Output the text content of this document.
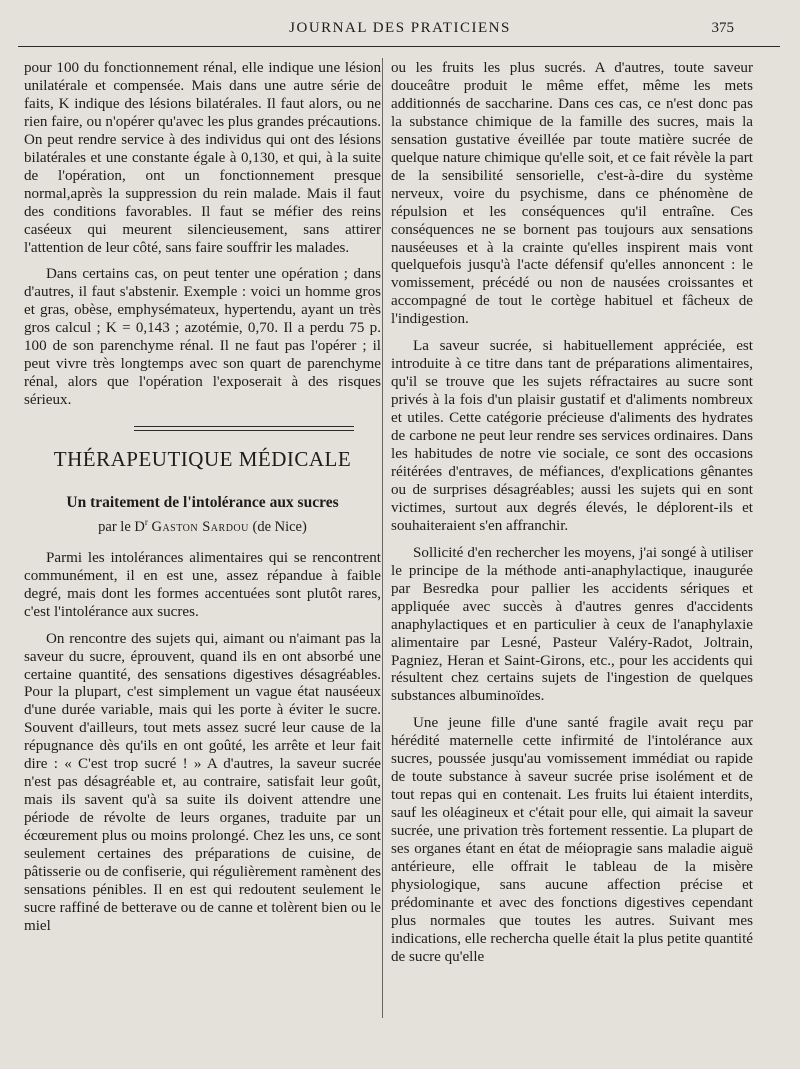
JOURNAL DES PRATICIENS	375

pour 100 du fonctionnement rénal, elle indique une lésion unilatérale et compensée. Mais dans une autre série de faits, K indique des lésions bilatérales. Il faut alors, ou ne rien faire, ou n'opérer qu'avec les plus grandes précautions. On peut rendre service à des individus qui ont des lésions bilatérales et une constante égale à 0,130, et qui, à la suite de l'opération, ont un fonctionnement presque normal,après la suppression du rein malade. Mais il faut des conditions favorables. Il faut se méfier des reins caséeux qui meurent silencieusement, sans attirer l'attention de leur côté, sans faire souffrir les malades.

Dans certains cas, on peut tenter une opération ; dans d'autres, il faut s'abstenir. Exemple : voici un homme gros et gras, obèse, emphysémateux, hypertendu, ayant un très gros calcul ; K = 0,143 ; azotémie, 0,70. Il a perdu 75 p. 100 de son parenchyme rénal. Il ne faut pas l'opérer ; il peut vivre très longtemps avec son quart de parenchyme rénal, alors que l'opération l'exposerait à des risques sérieux.

THÉRAPEUTIQUE MÉDICALE
Un traitement de l'intolérance aux sucres
par le $D^r$ Gaston Sardou (de Nice)

Parmi les intolérances alimentaires qui se rencontrent communément, il en est une, assez répandue à faible degré, mais dont les formes accentuées sont plutôt rares, c'est l'intolérance aux sucres.

On rencontre des sujets qui, aimant ou n'aimant pas la saveur du sucre, éprouvent, quand ils en ont absorbé une certaine quantité, des sensations digestives désagréables. Pour la plupart, c'est simplement un vague état nauséeux d'une durée variable, mais qui les porte à éviter le sucre. Souvent d'ailleurs, tout mets assez sucré leur cause de la répugnance dès qu'ils en ont goûté, les arrête et leur fait dire : « C'est trop sucré ! » A d'autres, la saveur sucrée n'est pas désagréable et, au contraire, satisfait leur goût, mais ils savent qu'à sa suite ils doivent attendre une période de révolte de leurs organes, traduite par un écœurement plus ou moins prolongé. Chez les uns, ce sont seulement certaines des préparations de cuisine, de pâtisserie ou de confiserie, qui régulièrement ramènent des sensations pénibles. Il en est qui redoutent seulement le sucre raffiné de betterave ou de canne et tolèrent bien ou le miel

ou les fruits les plus sucrés. A d'autres, toute saveur douceâtre produit le même effet, même les mets additionnés de saccharine. Dans ces cas, ce n'est donc pas la substance chimique de la famille des sucres, mais la sensation gustative éveillée par toute matière sucrée de quelque nature chimique qu'elle soit, et ce fait révèle la part de la sensibilité sensorielle, c'est-à-dire du système nerveux, voire du psychisme, dans ce phénomène de répulsion et les conséquences qu'il entraîne. Ces conséquences ne se bornent pas toujours aux sensations nauséeuses et à la crainte qu'elles inspirent mais vont quelquefois jusqu'à l'acte défensif qu'elles annoncent : le vomissement, précédé ou non de nausées croissantes et accompagné de tout le cortège habituel et fâcheux de l'indigestion.

La saveur sucrée, si habituellement appréciée, est introduite à ce titre dans tant de préparations alimentaires, qu'il se trouve que les sujets réfractaires au sucre sont privés à la fois d'un plaisir gustatif et d'aliments nombreux et utiles. Cette catégorie précieuse d'aliments des hydrates de carbone ne peut leur rendre ses services ordinaires. Dans les habitudes de notre vie sociale, ce sont des occasions réitérées d'entraves, de méfiances, d'explications gênantes ou de surprises désagréables; aussi les sujets qui en sont victimes, surtout aux degrés élevés, le déplorent-ils et souhaiteraient s'en affranchir.

Sollicité d'en rechercher les moyens, j'ai songé à utiliser le principe de la méthode anti-anaphylactique, inaugurée par Besredka pour pallier les accidents sériques et appliquée avec succès à d'autres genres d'accidents anaphylactiques et en particulier à ceux de l'anaphylaxie alimentaire par Lesné, Pasteur Valéry-Radot, Joltrain, Pagniez, Heran et Saint-Girons, etc., pour les accidents qui résultent chez certains sujets de l'ingestion de quelques substances albuminoïdes.

Une jeune fille d'une santé fragile avait reçu par hérédité maternelle cette infirmité de l'intolérance aux sucres, poussée jusqu'au vomissement immédiat ou rapide de toute substance à saveur sucrée prise isolément et de tout repas qui en contenait. Les fruits lui étaient interdits, sauf les oléagineux et c'était pour elle, qui aimait la saveur sucrée, une privation très fortement ressentie. La plupart de ses organes étant en état de méiopragie sans maladie aiguë antérieure, elle offrait le tableau de la misère physiologique, sans aucune affection précise et prédominante et avec des fonctions digestives cependant plus normales que toutes les autres. Suivant mes indications, elle rechercha quelle était la plus petite quantité de sucre qu'elle
